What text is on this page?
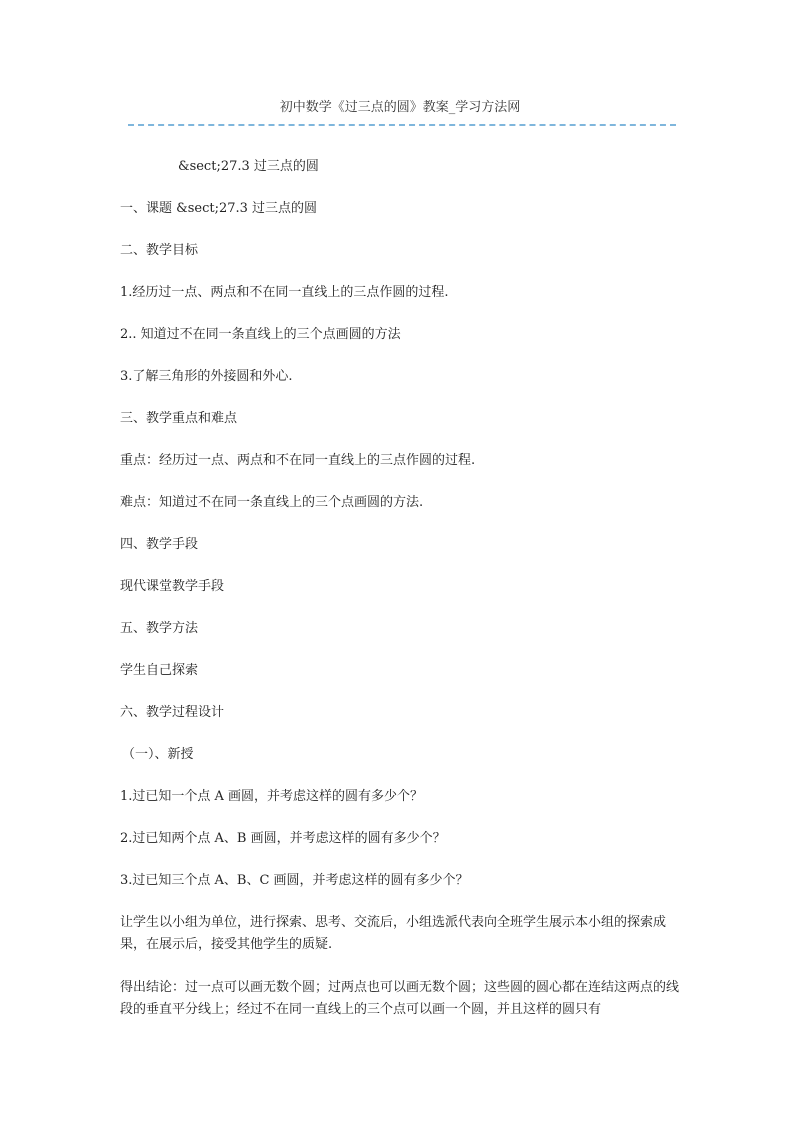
初中数学《过三点的圆》教案_学习方法网

&sect;27.3 过三点的圆

一、课题 &sect;27.3 过三点的圆

二、教学目标

1.经历过一点、两点和不在同一直线上的三点作圆的过程.

2.. 知道过不在同一条直线上的三个点画圆的方法

3.了解三角形的外接圆和外心.

三、教学重点和难点

重点：经历过一点、两点和不在同一直线上的三点作圆的过程.

难点：知道过不在同一条直线上的三个点画圆的方法.

四、教学手段

现代课堂教学手段

五、教学方法

学生自己探索

六、教学过程设计

（一）、新授

1.过已知一个点 A 画圆，并考虑这样的圆有多少个？

2.过已知两个点 A、B 画圆，并考虑这样的圆有多少个？

3.过已知三个点 A、B、C 画圆，并考虑这样的圆有多少个？

让学生以小组为单位，进行探索、思考、交流后，小组选派代表向全班学生展示本小组的探索成果，在展示后，接受其他学生的质疑.

得出结论：过一点可以画无数个圆；过两点也可以画无数个圆；这些圆的圆心都在连结这两点的线段的垂直平分线上；经过不在同一直线上的三个点可以画一个圆，并且这样的圆只有
